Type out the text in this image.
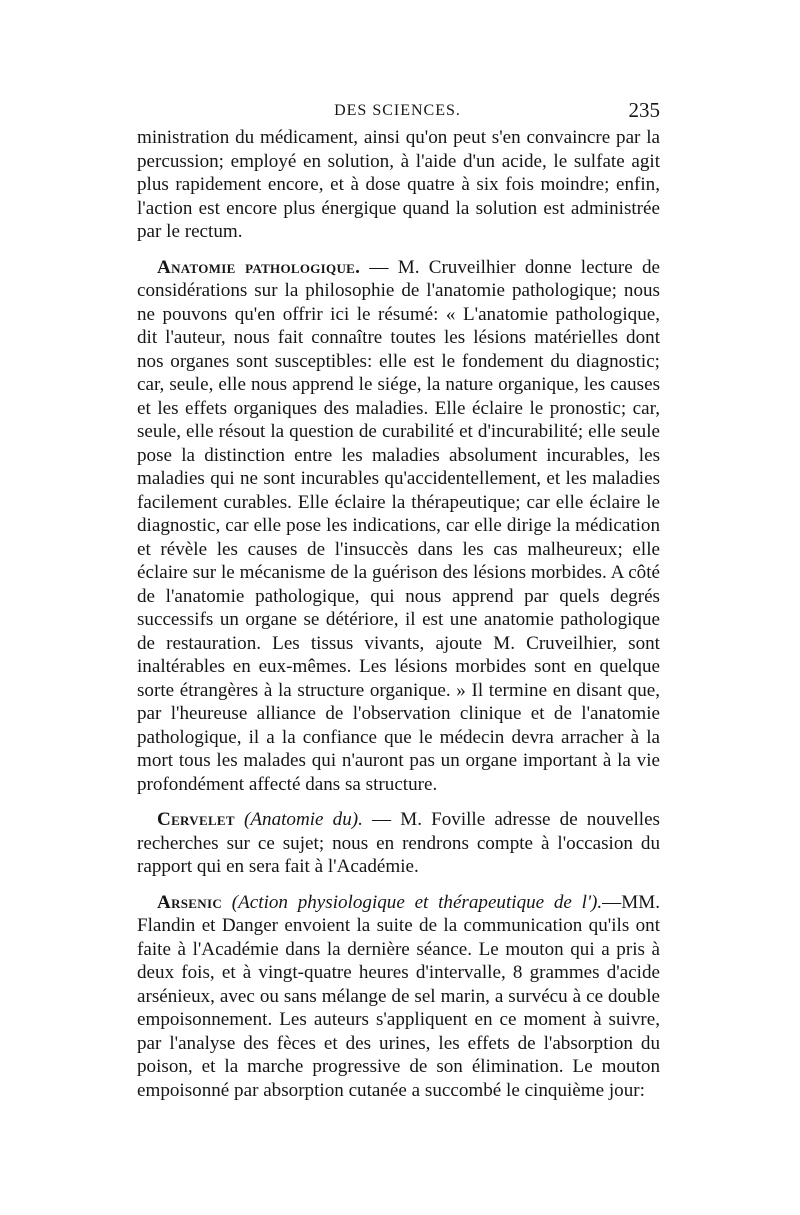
DES SCIENCES.	235

ministration du médicament, ainsi qu'on peut s'en convaincre par la percussion; employé en solution, à l'aide d'un acide, le sulfate agit plus rapidement encore, et à dose quatre à six fois moindre; enfin, l'action est encore plus énergique quand la solution est administrée par le rectum.

Anatomie pathologique. — M. Cruveilhier donne lecture de considérations sur la philosophie de l'anatomie pathologique; nous ne pouvons qu'en offrir ici le résumé: « L'anatomie pathologique, dit l'auteur, nous fait connaître toutes les lésions matérielles dont nos organes sont susceptibles: elle est le fondement du diagnostic; car, seule, elle nous apprend le siége, la nature organique, les causes et les effets organiques des maladies. Elle éclaire le pronostic; car, seule, elle résout la question de curabilité et d'incurabilité; elle seule pose la distinction entre les maladies absolument incurables, les maladies qui ne sont incurables qu'accidentellement, et les maladies facilement curables. Elle éclaire la thérapeutique; car elle éclaire le diagnostic, car elle pose les indications, car elle dirige la médication et révèle les causes de l'insuccès dans les cas malheureux; elle éclaire sur le mécanisme de la guérison des lésions morbides. A côté de l'anatomie pathologique, qui nous apprend par quels degrés successifs un organe se détériore, il est une anatomie pathologique de restauration. Les tissus vivants, ajoute M. Cruveilhier, sont inaltérables en eux-mêmes. Les lésions morbides sont en quelque sorte étrangères à la structure organique. » Il termine en disant que, par l'heureuse alliance de l'observation clinique et de l'anatomie pathologique, il a la confiance que le médecin devra arracher à la mort tous les malades qui n'auront pas un organe important à la vie profondément affecté dans sa structure.

Cervelet (Anatomie du). — M. Foville adresse de nouvelles recherches sur ce sujet; nous en rendrons compte à l'occasion du rapport qui en sera fait à l'Académie.

Arsenic (Action physiologique et thérapeutique de l').—MM. Flandin et Danger envoient la suite de la communication qu'ils ont faite à l'Académie dans la dernière séance. Le mouton qui a pris à deux fois, et à vingt-quatre heures d'intervalle, 8 grammes d'acide arsénieux, avec ou sans mélange de sel marin, a survécu à ce double empoisonnement. Les auteurs s'appliquent en ce moment à suivre, par l'analyse des fèces et des urines, les effets de l'absorption du poison, et la marche progressive de son élimination. Le mouton empoisonné par absorption cutanée a succombé le cinquième jour:
